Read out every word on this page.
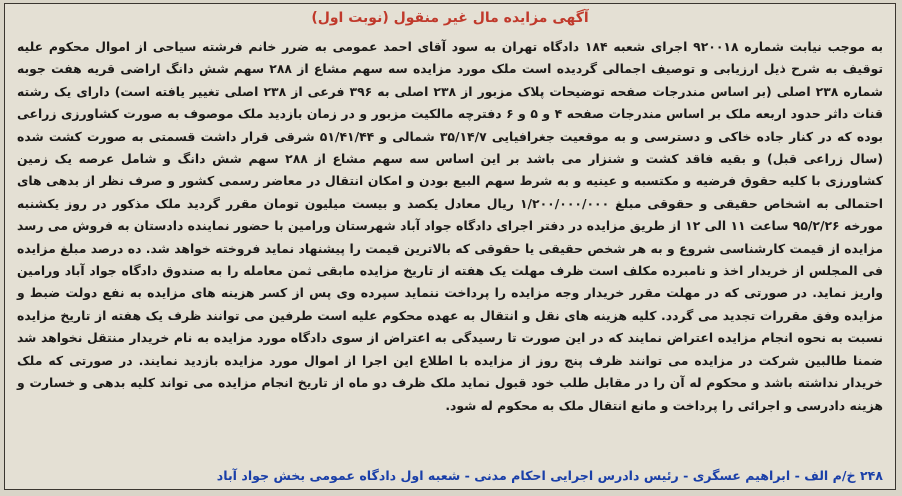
آگهی مزایده مال غیر منقول (نوبت اول)

به موجب نیابت شماره ۹۲۰۰۱۸ اجرای شعبه ۱۸۴ دادگاه تهران به سود آقای احمد عمومی به ضرر خانم فرشته سیاحی از اموال محکوم علیه توقیف به شرح ذیل ارزیابی و توصیف اجمالی گردیده است ملک مورد مزایده سه سهم مشاع از ۲۸۸ سهم شش دانگ اراضی قریه هفت جوبه شماره ۲۳۸ اصلی (بر اساس مندرجات صفحه توضیحات پلاک مزبور از ۲۳۸ اصلی به ۳۹۶ فرعی از ۲۳۸ اصلی تغییر یافته است) دارای یک رشته قنات داثر حدود اربعه ملک بر اساس مندرجات صفحه ۴ و ۵ و ۶ دفترچه مالکیت مزبور و در زمان بازدید ملک موصوف به صورت کشاورزی زراعی بوده که در کنار جاده خاکی و دسترسی و به موقعیت جغرافیایی ۳۵/۱۴/۷ شمالی و ۵۱/۴۱/۴۴ شرقی قرار داشت قسمتی به صورت کشت شده (سال زراعی قبل) و بقیه فاقد کشت و شنزار می باشد بر این اساس سه سهم مشاع از ۲۸۸ سهم شش دانگ و شامل عرصه یک زمین کشاورزی با کلیه حقوق فرضیه و مکتسبه و عینیه و به شرط سهم البیع بودن و امکان انتقال در معاضر رسمی کشور و صرف نظر از بدهی های احتمالی به اشخاص حقیقی و حقوقی مبلغ ۱/۲۰۰/۰۰۰/۰۰۰ ریال معادل یکصد و بیست میلیون تومان مقرر گردید ملک مذکور در روز یکشنبه مورخه ۹۵/۲/۲۶ ساعت ۱۱ الی ۱۲ از طریق مزایده در دفتر اجرای دادگاه جواد آباد شهرستان ورامین با حضور نماینده دادستان به فروش می رسد مزایده از قیمت کارشناسی شروع و به هر شخص حقیقی یا حقوقی که بالاترین قیمت را پیشنهاد نماید فروخته خواهد شد. ده درصد مبلغ مزایده فی المجلس از خریدار اخذ و نامبرده مکلف است ظرف مهلت یک هفته از تاریخ مزایده مابقی ثمن معامله را به صندوق دادگاه جواد آباد ورامین واریز نماید. در صورتی که در مهلت مقرر خریدار وجه مزایده را پرداخت ننماید سپرده وی پس از کسر هزینه های مزایده به نفع دولت ضبط و مزایده وفق مقررات تجدید می گردد. کلیه هزینه های نقل و انتقال به عهده محکوم علیه است طرفین می توانند ظرف یک هفته از تاریخ مزایده نسبت به نحوه انجام مزایده اعتراض نمایند که در این صورت تا رسیدگی به اعتراض از سوی دادگاه مورد مزایده به نام خریدار منتقل نخواهد شد ضمنا طالبین شرکت در مزایده می توانند ظرف پنج روز از مزایده با اطلاع این اجرا از اموال مورد مزایده بازدید نمایند. در صورتی که ملک خریدار نداشته باشد و محکوم له آن را در مقابل طلب خود قبول نماید ملک ظرف دو ماه از تاریخ انجام مزایده می تواند کلیه بدهی و خسارت و هزینه دادرسی و اجرائی را پرداخت و مانع انتقال ملک به محکوم له شود.

۲۴۸ خ/م الف - ابراهیم عسگری - رئیس دادرس اجرایی احکام مدنی - شعبه اول دادگاه عمومی بخش جواد آباد
